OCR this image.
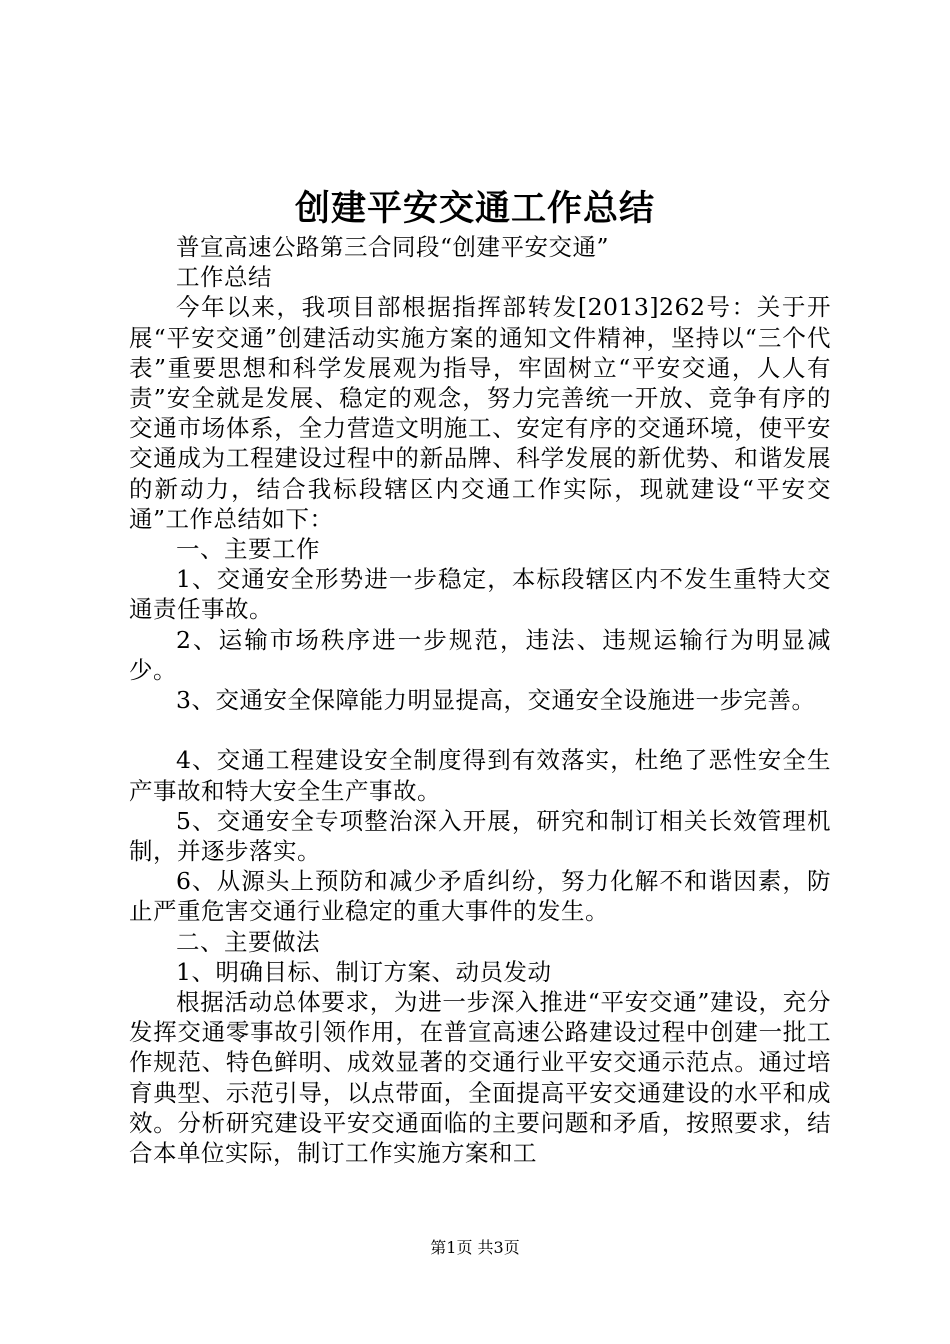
创建平安交通工作总结

普宣高速公路第三合同段“创建平安交通”

工作总结

今年以来，我项目部根据指挥部转发[2013]262号：关于开展“平安交通”创建活动实施方案的通知文件精神，坚持以“三个代表”重要思想和科学发展观为指导，牢固树立“平安交通，人人有责”安全就是发展、稳定的观念，努力完善统一开放、竞争有序的交通市场体系，全力营造文明施工、安定有序的交通环境，使平安交通成为工程建设过程中的新品牌、科学发展的新优势、和谐发展的新动力，结合我标段辖区内交通工作实际，现就建设“平安交通”工作总结如下：

一、主要工作

1、交通安全形势进一步稳定，本标段辖区内不发生重特大交通责任事故。

2、运输市场秩序进一步规范，违法、违规运输行为明显减少。

3、交通安全保障能力明显提高，交通安全设施进一步完善。

4、交通工程建设安全制度得到有效落实，杜绝了恶性安全生产事故和特大安全生产事故。

5、交通安全专项整治深入开展，研究和制订相关长效管理机制，并逐步落实。

6、从源头上预防和减少矛盾纠纷，努力化解不和谐因素，防止严重危害交通行业稳定的重大事件的发生。

二、主要做法

1、明确目标、制订方案、动员发动

根据活动总体要求，为进一步深入推进“平安交通”建设，充分发挥交通零事故引领作用，在普宣高速公路建设过程中创建一批工作规范、特色鲜明、成效显著的交通行业平安交通示范点。通过培育典型、示范引导，以点带面，全面提高平安交通建设的水平和成效。分析研究建设平安交通面临的主要问题和矛盾，按照要求，结合本单位实际，制订工作实施方案和工

第1页 共3页
